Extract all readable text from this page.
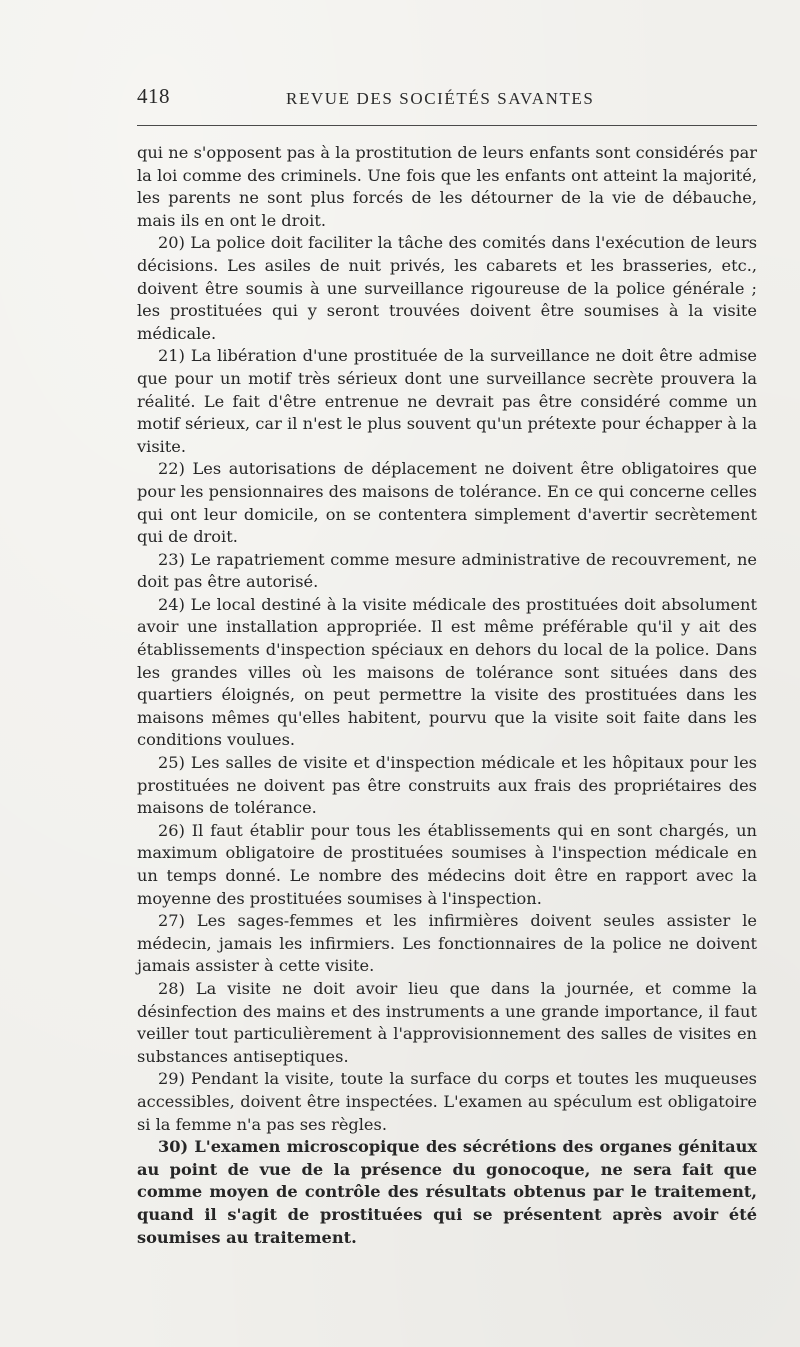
418	REVUE DES SOCIÉTÉS SAVANTES

qui ne s'opposent pas à la prostitution de leurs enfants sont considérés par la loi comme des criminels. Une fois que les enfants ont atteint la majorité, les parents ne sont plus forcés de les détourner de la vie de débauche, mais ils en ont le droit.

20) La police doit faciliter la tâche des comités dans l'exécution de leurs décisions. Les asiles de nuit privés, les cabarets et les brasseries, etc., doivent être soumis à une surveillance rigoureuse de la police générale ; les prostituées qui y seront trouvées doivent être soumises à la visite médicale.

21) La libération d'une prostituée de la surveillance ne doit être admise que pour un motif très sérieux dont une surveillance secrète prouvera la réalité. Le fait d'être entrenue ne devrait pas être considéré comme un motif sérieux, car il n'est le plus souvent qu'un prétexte pour échapper à la visite.

22) Les autorisations de déplacement ne doivent être obligatoires que pour les pensionnaires des maisons de tolérance. En ce qui concerne celles qui ont leur domicile, on se contentera simplement d'avertir secrètement qui de droit.

23) Le rapatriement comme mesure administrative de recouvrement, ne doit pas être autorisé.

24) Le local destiné à la visite médicale des prostituées doit absolument avoir une installation appropriée. Il est même préférable qu'il y ait des établissements d'inspection spéciaux en dehors du local de la police. Dans les grandes villes où les maisons de tolérance sont situées dans des quartiers éloignés, on peut permettre la visite des prostituées dans les maisons mêmes qu'elles habitent, pourvu que la visite soit faite dans les conditions voulues.

25) Les salles de visite et d'inspection médicale et les hôpitaux pour les prostituées ne doivent pas être construits aux frais des propriétaires des maisons de tolérance.

26) Il faut établir pour tous les établissements qui en sont chargés, un maximum obligatoire de prostituées soumises à l'inspection médicale en un temps donné. Le nombre des médecins doit être en rapport avec la moyenne des prostituées soumises à l'inspection.

27) Les sages-femmes et les infirmières doivent seules assister le médecin, jamais les infirmiers. Les fonctionnaires de la police ne doivent jamais assister à cette visite.

28) La visite ne doit avoir lieu que dans la journée, et comme la désinfection des mains et des instruments a une grande importance, il faut veiller tout particulièrement à l'approvisionnement des salles de visites en substances antiseptiques.

29) Pendant la visite, toute la surface du corps et toutes les muqueuses accessibles, doivent être inspectées. L'examen au spéculum est obligatoire si la femme n'a pas ses règles.

30) L'examen microscopique des sécrétions des organes génitaux au point de vue de la présence du gonocoque, ne sera fait que comme moyen de contrôle des résultats obtenus par le traitement, quand il s'agit de prostituées qui se présentent après avoir été soumises au traitement.
